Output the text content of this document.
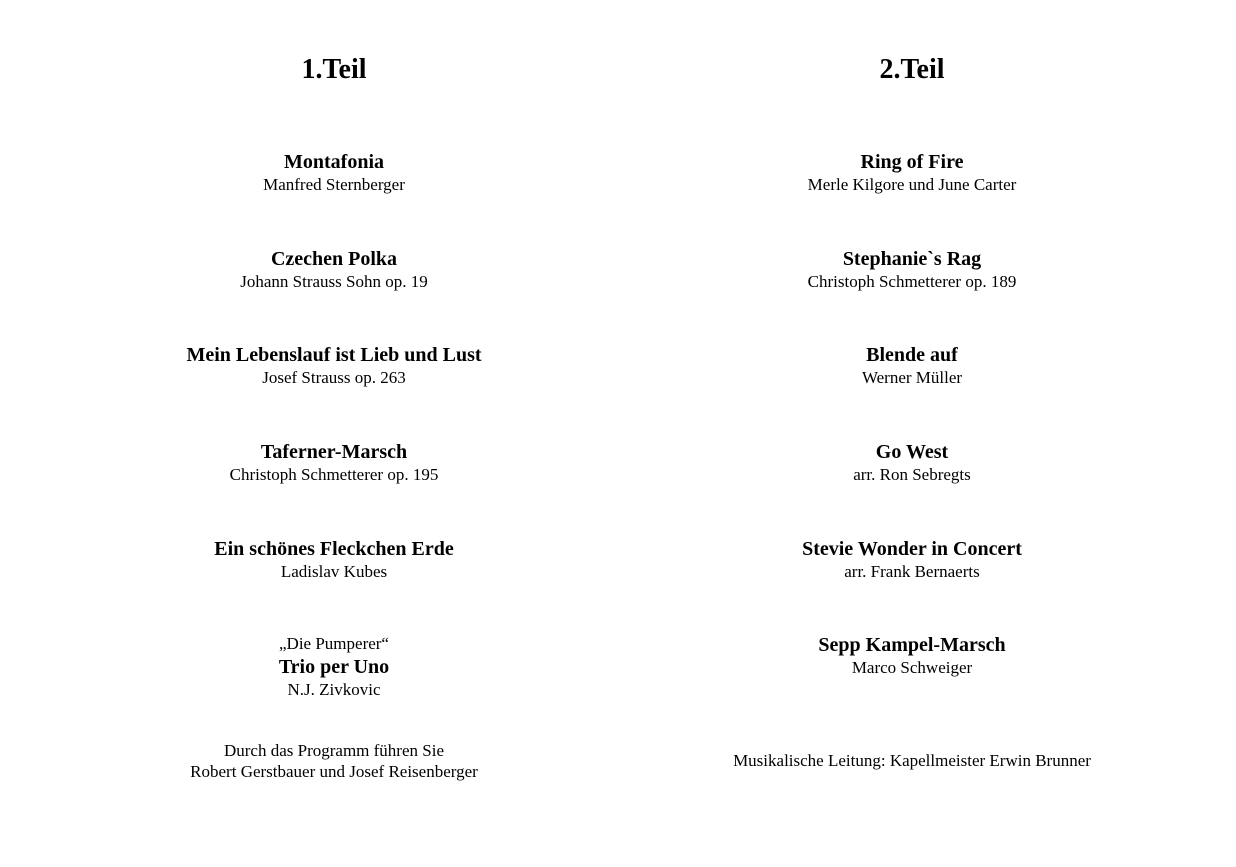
1.Teil
Montafonia
Manfred Sternberger
Czechen Polka
Johann Strauss Sohn op. 19
Mein Lebenslauf ist Lieb und Lust
Josef Strauss op. 263
Taferner-Marsch
Christoph Schmetterer op. 195
Ein schönes Fleckchen Erde
Ladislav Kubes
„Die Pumperer“
Trio per Uno
N.J. Zivkovic
Durch das Programm führen Sie
Robert Gerstbauer und Josef Reisenberger
2.Teil
Ring of Fire
Merle Kilgore und June Carter
Stephanie`s Rag
Christoph Schmetterer op. 189
Blende auf
Werner Müller
Go West
arr. Ron Sebregts
Stevie Wonder in Concert
arr. Frank Bernaerts
Sepp Kampel-Marsch
Marco Schweiger
Musikalische Leitung: Kapellmeister Erwin Brunner
